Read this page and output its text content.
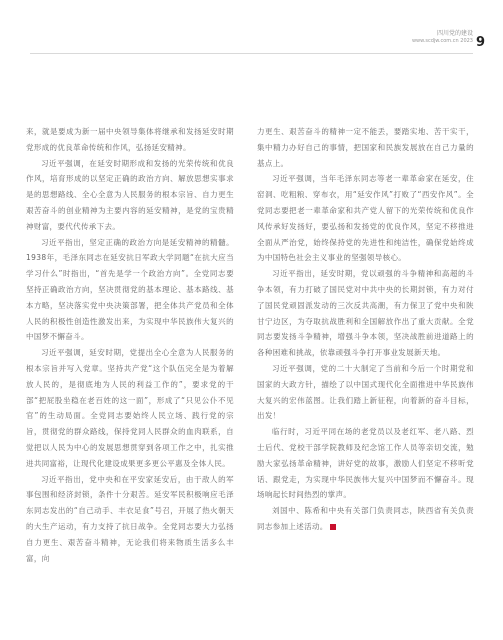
四川党的建设
www.scdjw.com.cn 2023 9

来，就是要成为新一届中央领导集体将继承和发扬延安时期党形成的优良革命传统和作风，弘扬延安精神。

习近平强调，在延安时期形成和发扬的光荣传统和优良作风，培育形成的以坚定正确的政治方向、解放思想实事求是的思想路线、全心全意为人民服务的根本宗旨、自力更生艰苦奋斗的创业精神为主要内容的延安精神，是党的宝贵精神财富，要代代传承下去。

习近平指出，坚定正确的政治方向是延安精神的精髓。1938年，毛泽东同志在延安抗日军政大学同题“在抗大应当学习什么”时指出，“首先是学一个政治方向”。全党同志要坚持正确政治方向，坚决贯彻党的基本理论、基本路线、基本方略，坚决落实党中央决策部署，把全体共产党员和全体人民的积极性创造性激发出来，为实现中华民族伟大复兴的中国梦不懈奋斗。

习近平强调，延安时期，党提出全心全意为人民服务的根本宗旨并写入党章。坚持共产党“这个队伍完全是为着解放人民的，是彻底地为人民的利益工作的”，要求党的干部“把屁股坐稳在老百姓的这一面”，形成了“只见公仆不见官”的生动局面。全党同志要始终人民立场、践行党的宗旨，贯彻党的群众路线，保持党同人民群众的血肉联系，自觉把以人民为中心的发展思想贯穿到各项工作之中，扎实推进共同富裕，让现代化建设成果更多更公平惠及全体人民。

习近平指出，党中央和在平安家延安后，由于敌人的军事包围和经济封锁，条件十分艰苦。延安军民积极响应毛泽东同志发出的“自己动手、丰衣足食”号召，开展了热火朝天的大生产运动，有力支持了抗日战争。全党同志要大力弘扬自力更生、艰苦奋斗精神，无论我们将来物质生活多么丰富，向

力更生、艰苦奋斗的精神一定不能丢，要踏实地、苦干实干，集中精力办好自己的事情，把国家和民族发展放在自己力量的基点上。

习近平强调，当年毛泽东同志等老一辈革命家在延安，住窑洞、吃粗粮、穿布衣，用“延安作风”打败了“西安作风”。全党同志要把老一辈革命家和共产党人留下的光荣传统和优良作风传承好发扬好，要弘扬和发扬党的优良作风，坚定不移推进全面从严治党，始终保持党的先进性和纯洁性，确保党始终成为中国特色社会主义事业的坚强领导核心。

习近平指出，延安时期，党以顽强的斗争精神和高超的斗争本领，有力打破了国民党对中共中央的长期封锁，有力对付了国民党顽固派发动的三次反共高潮，有力保卫了党中央和陕甘宁边区，为夺取抗战胜利和全国解放作出了重大贡献。全党同志要发扬斗争精神，增强斗争本领，坚决战胜前进道路上的各种困难和挑战，依靠顽强斗争打开事业发展新天地。

习近平强调，党的二十大制定了当前和今后一个时期党和国家的大政方针，描绘了以中国式现代化全面推进中华民族伟大复兴的宏伟蓝图。让我们踏上新征程，向着新的奋斗目标，出发！

临行时，习近平同在场的老党员以及老红军、老八路、烈士后代、党校干部学院教师及纪念馆工作人员等亲切交流，勉励大家弘扬革命精神，讲好党的故事，激励人们坚定不移听党话、跟党走，为实现中华民族伟大复兴中国梦而不懈奋斗。现场响起长时间热烈的掌声。

刘国中、陈希和中央有关部门负责同志，陕西省有关负责同志参加上述活动。
